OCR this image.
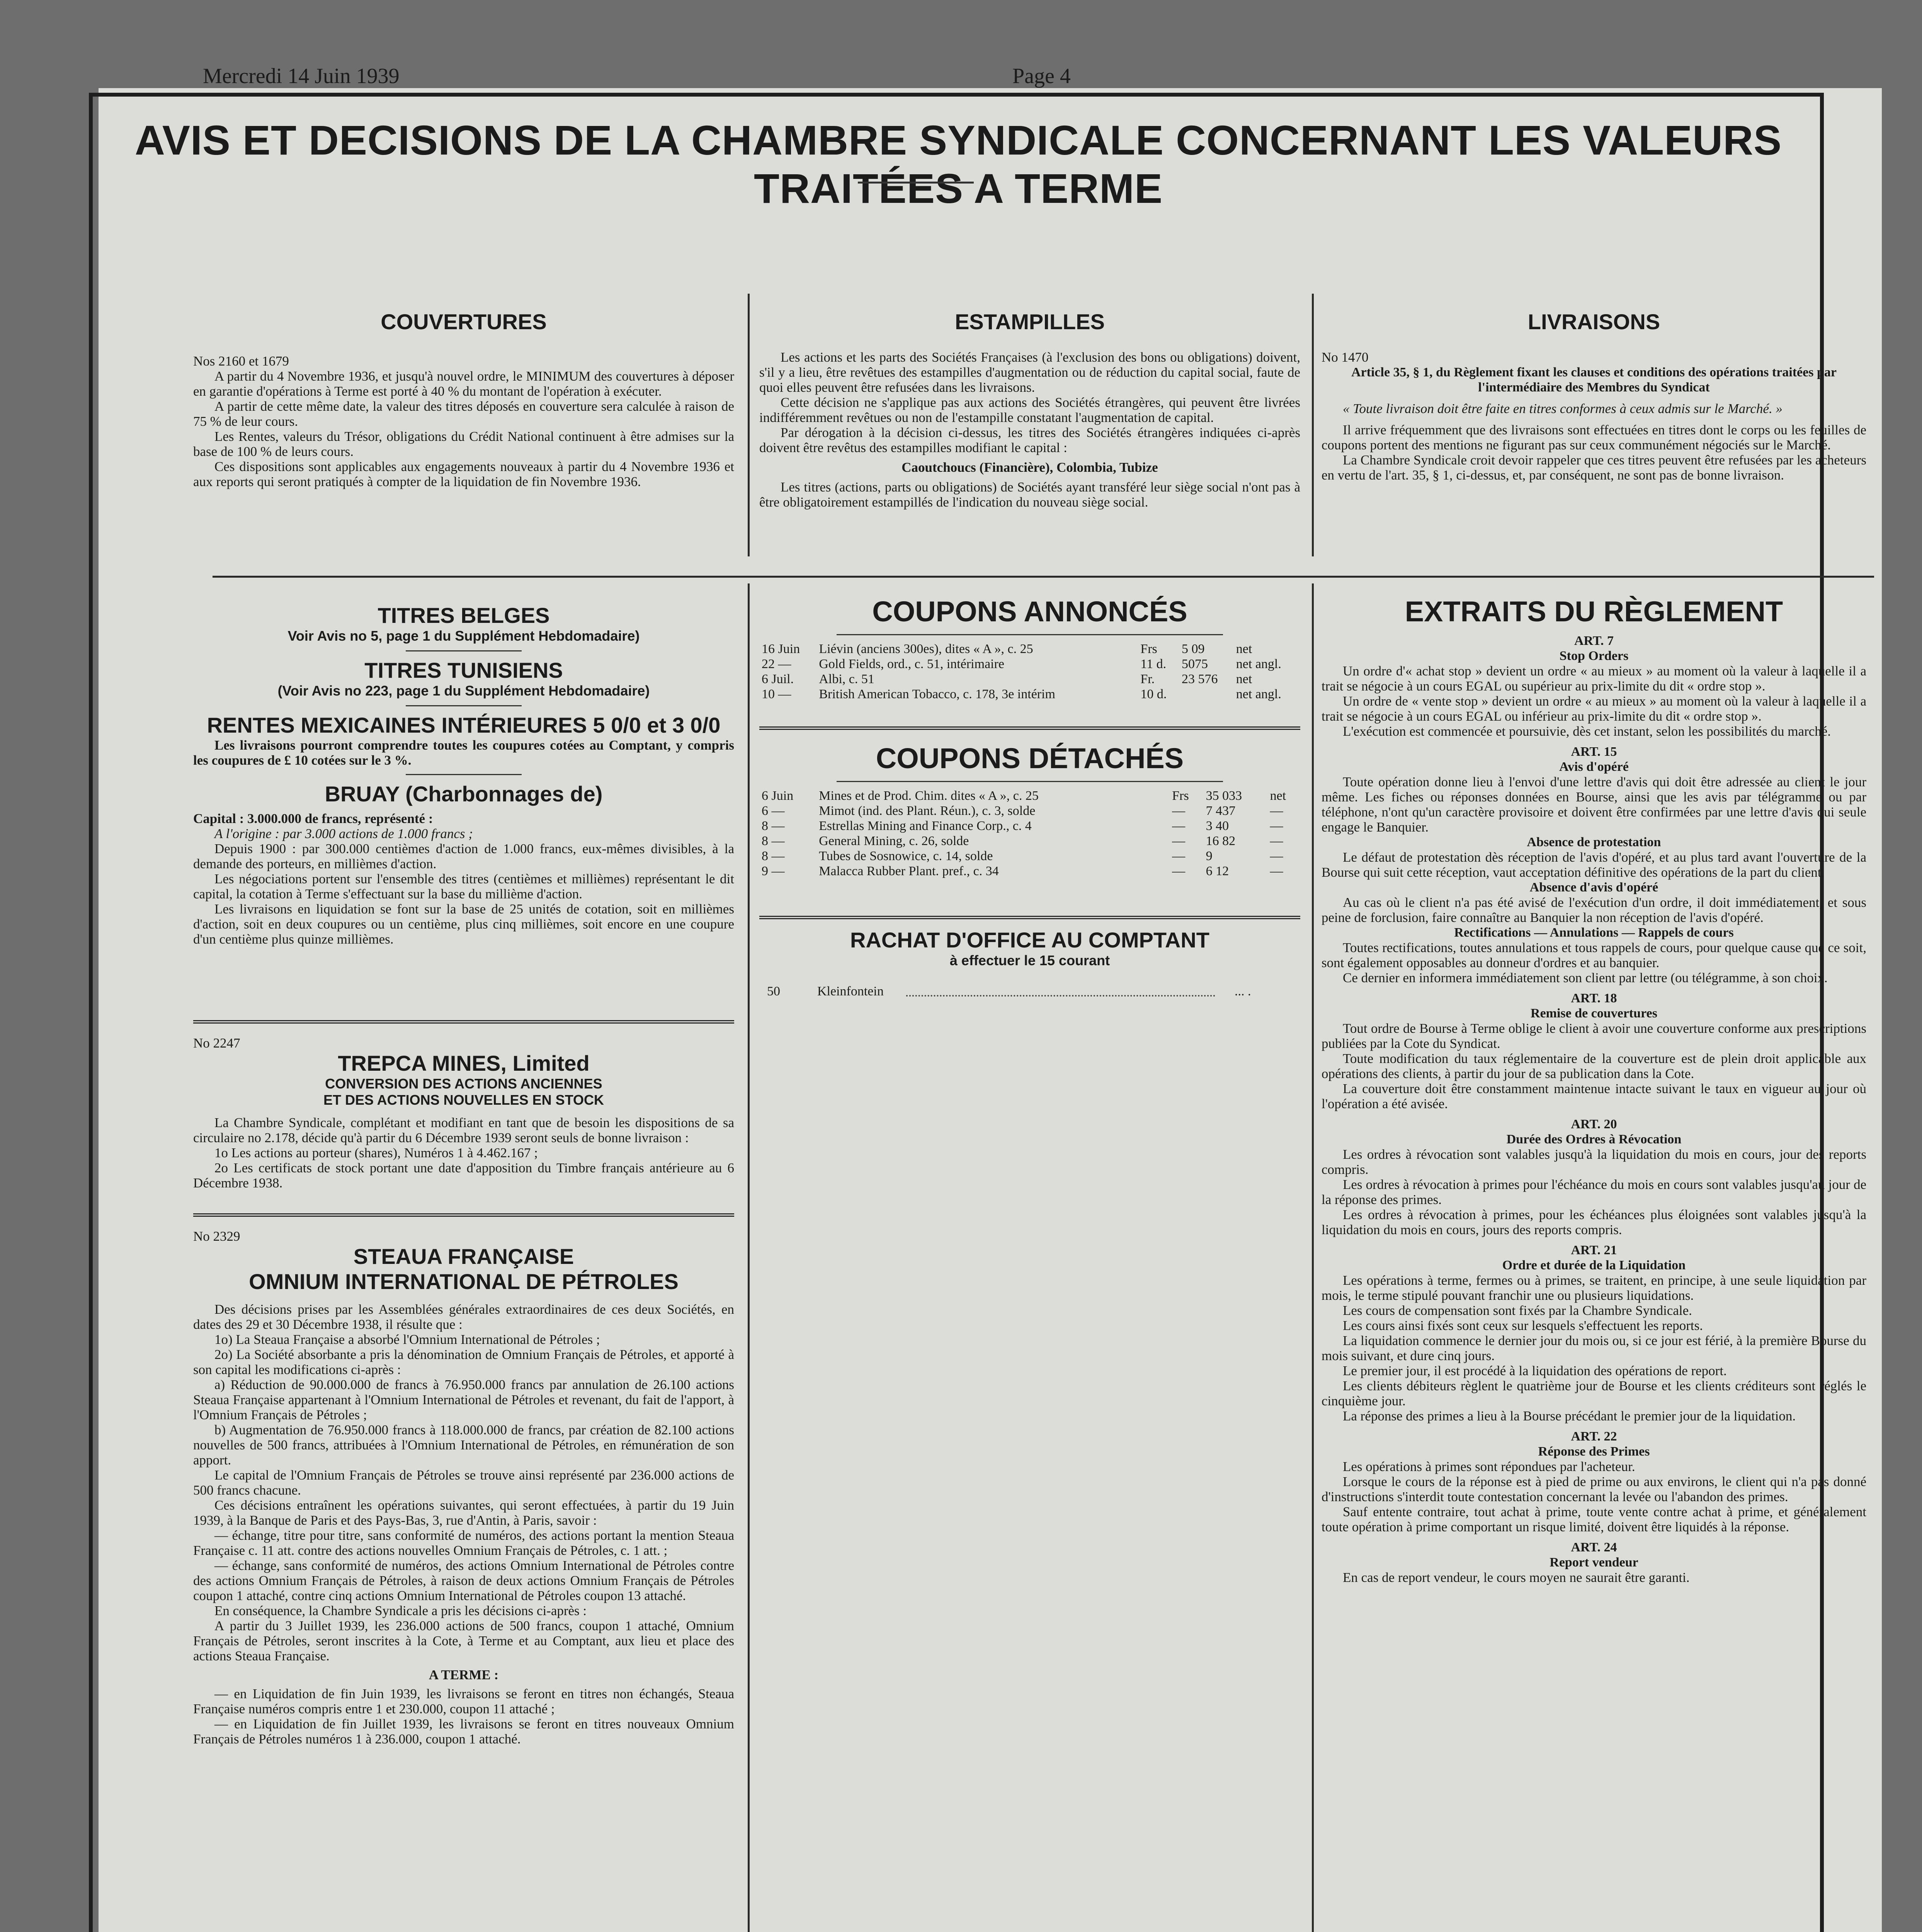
Mercredi 14 Juin 1939	Page 4
AVIS ET DECISIONS DE LA CHAMBRE SYNDICALE CONCERNANT LES VALEURS TRAITÉES A TERME

COUVERTURES

Nos 2160 et 1679

A partir du 4 Novembre 1936, et jusqu'à nouvel ordre, le MINIMUM des couvertures à déposer en garantie d'opérations à Terme est porté à 40 % du montant de l'opération à exécuter.

A partir de cette même date, la valeur des titres déposés en couverture sera calculée à raison de 75 % de leur cours.

Les Rentes, valeurs du Trésor, obligations du Crédit National continuent à être admises sur la base de 100 % de leurs cours.

Ces dispositions sont applicables aux engagements nouveaux à partir du 4 Novembre 1936 et aux reports qui seront pratiqués à compter de la liquidation de fin Novembre 1936.

ESTAMPILLES

Les actions et les parts des Sociétés Françaises (à l'exclusion des bons ou obligations) doivent, s'il y a lieu, être revêtues des estampilles d'augmentation ou de réduction du capital social, faute de quoi elles peuvent être refusées dans les livraisons.

Cette décision ne s'applique pas aux actions des Sociétés étrangères, qui peuvent être livrées indifféremment revêtues ou non de l'estampille constatant l'augmentation de capital.

Par dérogation à la décision ci-dessus, les titres des Sociétés étrangères indiquées ci-après doivent être revêtus des estampilles modifiant le capital :

Caoutchoucs (Financière), Colombia, Tubize

Les titres (actions, parts ou obligations) de Sociétés ayant transféré leur siège social n'ont pas à être obligatoirement estampillés de l'indication du nouveau siège social.

LIVRAISONS

No 1470

Article 35, § 1, du Règlement fixant les clauses et conditions des opérations traitées par l'intermédiaire des Membres du Syndicat

« Toute livraison doit être faite en titres conformes à ceux admis sur le Marché. »

Il arrive fréquemment que des livraisons sont effectuées en titres dont le corps ou les feuilles de coupons portent des mentions ne figurant pas sur ceux communément négociés sur le Marché.

La Chambre Syndicale croit devoir rappeler que ces titres peuvent être refusées par les acheteurs en vertu de l'art. 35, § 1, ci-dessus, et, par conséquent, ne sont pas de bonne livraison.

TITRES BELGES

Voir Avis no 5, page 1 du Supplément Hebdomadaire)

TITRES TUNISIENS

(Voir Avis no 223, page 1 du Supplément Hebdomadaire)

RENTES MEXICAINES INTÉRIEURES 5 0/0 et 3 0/0

Les livraisons pourront comprendre toutes les coupures cotées au Comptant, y compris les coupures de £ 10 cotées sur le 3 %.

BRUAY (Charbonnages de)

Capital : 3.000.000 de francs, représenté :

A l'origine : par 3.000 actions de 1.000 francs ;

Depuis 1900 : par 300.000 centièmes d'action de 1.000 francs, eux-mêmes divisibles, à la demande des porteurs, en millièmes d'action.

Les négociations portent sur l'ensemble des titres (centièmes et millièmes) représentant le dit capital, la cotation à Terme s'effectuant sur la base du millième d'action.

Les livraisons en liquidation se font sur la base de 25 unités de cotation, soit en millièmes d'action, soit en deux coupures ou un centième, plus cinq millièmes, soit encore en une coupure d'un centième plus quinze millièmes.

No 2247

TREPCA MINES, Limited

CONVERSION DES ACTIONS ANCIENNES

ET DES ACTIONS NOUVELLES EN STOCK

La Chambre Syndicale, complétant et modifiant en tant que de besoin les dispositions de sa circulaire no 2.178, décide qu'à partir du 6 Décembre 1939 seront seuls de bonne livraison :

1o Les actions au porteur (shares), Numéros 1 à 4.462.167 ;

2o Les certificats de stock portant une date d'apposition du Timbre français antérieure au 6 Décembre 1938.

No 2329

STEAUA FRANÇAISE

OMNIUM INTERNATIONAL DE PÉTROLES

Des décisions prises par les Assemblées générales extraordinaires de ces deux Sociétés, en dates des 29 et 30 Décembre 1938, il résulte que :

1o) La Steaua Française a absorbé l'Omnium International de Pétroles ;

2o) La Société absorbante a pris la dénomination de Omnium Français de Pétroles, et apporté à son capital les modifications ci-après :

a) Réduction de 90.000.000 de francs à 76.950.000 francs par annulation de 26.100 actions Steaua Française appartenant à l'Omnium International de Pétroles et revenant, du fait de l'apport, à l'Omnium Français de Pétroles ;

b) Augmentation de 76.950.000 francs à 118.000.000 de francs, par création de 82.100 actions nouvelles de 500 francs, attribuées à l'Omnium International de Pétroles, en rémunération de son apport.

Le capital de l'Omnium Français de Pétroles se trouve ainsi représenté par 236.000 actions de 500 francs chacune.

Ces décisions entraînent les opérations suivantes, qui seront effectuées, à partir du 19 Juin 1939, à la Banque de Paris et des Pays-Bas, 3, rue d'Antin, à Paris, savoir :

— échange, titre pour titre, sans conformité de numéros, des actions portant la mention Steaua Française c. 11 att. contre des actions nouvelles Omnium Français de Pétroles, c. 1 att. ;

— échange, sans conformité de numéros, des actions Omnium International de Pétroles contre des actions Omnium Français de Pétroles, à raison de deux actions Omnium Français de Pétroles coupon 1 attaché, contre cinq actions Omnium International de Pétroles coupon 13 attaché.

En conséquence, la Chambre Syndicale a pris les décisions ci-après :

A partir du 3 Juillet 1939, les 236.000 actions de 500 francs, coupon 1 attaché, Omnium Français de Pétroles, seront inscrites à la Cote, à Terme et au Comptant, aux lieu et place des actions Steaua Française.

A TERME :

— en Liquidation de fin Juin 1939, les livraisons se feront en titres non échangés, Steaua Française numéros compris entre 1 et 230.000, coupon 11 attaché ;

— en Liquidation de fin Juillet 1939, les livraisons se feront en titres nouveaux Omnium Français de Pétroles numéros 1 à 236.000, coupon 1 attaché.

COUPONS ANNONCÉS

16 Juin	Liévin (anciens 300es), dites « A », c. 25	Frs	5 09	net
22 —	Gold Fields, ord., c. 51, intérimaire	11 d.	5075	net angl.
6 Juil.	Albi, c. 51	Fr.	23 576	net
10 —	British American Tobacco, c. 178, 3e intérim	10 d.		net angl.

COUPONS DÉTACHÉS

6 Juin	Mines et de Prod. Chim. dites « A », c. 25	Frs	35 033	net
6 —	Mimot (ind. des Plant. Réun.), c. 3, solde	—	7 437	—
8 —	Estrellas Mining and Finance Corp., c. 4	—	3 40	—
8 —	General Mining, c. 26, solde	—	16 82	—
8 —	Tubes de Sosnowice, c. 14, solde	—	9	—
9 —	Malacca Rubber Plant. pref., c. 34	—	6 12	—

RACHAT D'OFFICE AU COMPTANT

à effectuer le 15 courant

50	Kleinfontein	... .

EXTRAITS DU RÈGLEMENT

ART. 7

Stop Orders

Un ordre d'« achat stop » devient un ordre « au mieux » au moment où la valeur à laquelle il a trait se négocie à un cours EGAL ou supérieur au prix-limite du dit « ordre stop ».

Un ordre de « vente stop » devient un ordre « au mieux » au moment où la valeur à laquelle il a trait se négocie à un cours EGAL ou inférieur au prix-limite du dit « ordre stop ».

L'exécution est commencée et poursuivie, dès cet instant, selon les possibilités du marché.

ART. 15

Avis d'opéré

Toute opération donne lieu à l'envoi d'une lettre d'avis qui doit être adressée au client le jour même. Les fiches ou réponses données en Bourse, ainsi que les avis par télégramme ou par téléphone, n'ont qu'un caractère provisoire et doivent être confirmées par une lettre d'avis qui seule engage le Banquier.

Absence de protestation

Le défaut de protestation dès réception de l'avis d'opéré, et au plus tard avant l'ouverture de la Bourse qui suit cette réception, vaut acceptation définitive des opérations de la part du client.

Absence d'avis d'opéré

Au cas où le client n'a pas été avisé de l'exécution d'un ordre, il doit immédiatement, et sous peine de forclusion, faire connaître au Banquier la non réception de l'avis d'opéré.

Rectifications — Annulations — Rappels de cours

Toutes rectifications, toutes annulations et tous rappels de cours, pour quelque cause que ce soit, sont également opposables au donneur d'ordres et au banquier.

Ce dernier en informera immédiatement son client par lettre (ou télégramme, à son choix.

ART. 18

Remise de couvertures

Tout ordre de Bourse à Terme oblige le client à avoir une couverture conforme aux prescriptions publiées par la Cote du Syndicat.

Toute modification du taux réglementaire de la couverture est de plein droit applicable aux opérations des clients, à partir du jour de sa publication dans la Cote.

La couverture doit être constamment maintenue intacte suivant le taux en vigueur au jour où l'opération a été avisée.

ART. 20

Durée des Ordres à Révocation

Les ordres à révocation sont valables jusqu'à la liquidation du mois en cours, jour des reports compris.

Les ordres à révocation à primes pour l'échéance du mois en cours sont valables jusqu'au jour de la réponse des primes.

Les ordres à révocation à primes, pour les échéances plus éloignées sont valables jusqu'à la liquidation du mois en cours, jours des reports compris.

ART. 21

Ordre et durée de la Liquidation

Les opérations à terme, fermes ou à primes, se traitent, en principe, à une seule liquidation par mois, le terme stipulé pouvant franchir une ou plusieurs liquidations.

Les cours de compensation sont fixés par la Chambre Syndicale.

Les cours ainsi fixés sont ceux sur lesquels s'effectuent les reports.

La liquidation commence le dernier jour du mois ou, si ce jour est férié, à la première Bourse du mois suivant, et dure cinq jours.

Le premier jour, il est procédé à la liquidation des opérations de report.

Les clients débiteurs règlent le quatrième jour de Bourse et les clients créditeurs sont réglés le cinquième jour.

La réponse des primes a lieu à la Bourse précédant le premier jour de la liquidation.

ART. 22

Réponse des Primes

Les opérations à primes sont répondues par l'acheteur.

Lorsque le cours de la réponse est à pied de prime ou aux environs, le client qui n'a pas donné d'instructions s'interdit toute contestation concernant la levée ou l'abandon des primes.

Sauf entente contraire, tout achat à prime, toute vente contre achat à prime, et généralement toute opération à prime comportant un risque limité, doivent être liquidés à la réponse.

ART. 24

Report vendeur

En cas de report vendeur, le cours moyen ne saurait être garanti.
